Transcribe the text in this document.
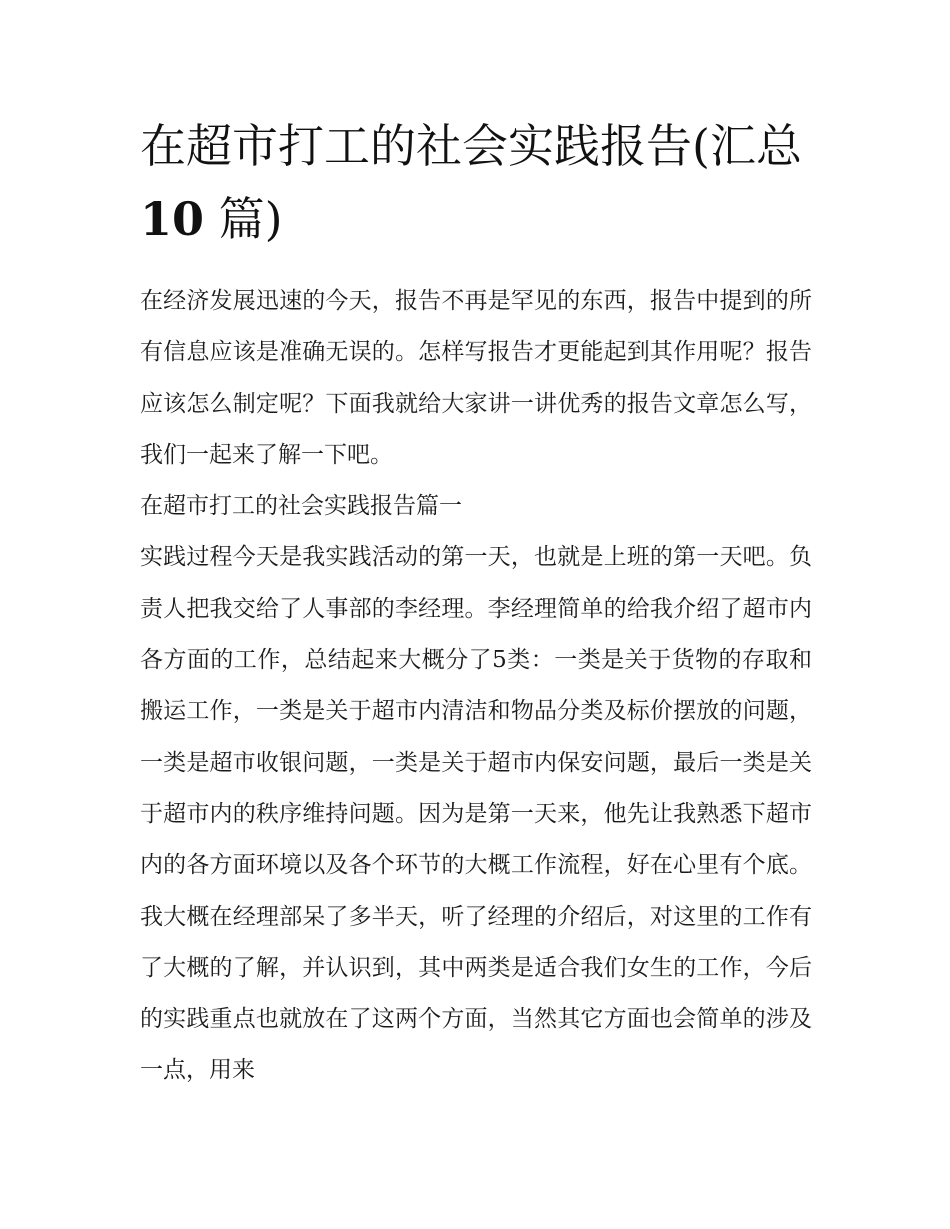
在超市打工的社会实践报告(汇总10 篇)

在经济发展迅速的今天，报告不再是罕见的东西，报告中提到的所有信息应该是准确无误的。怎样写报告才更能起到其作用呢？报告应该怎么制定呢？下面我就给大家讲一讲优秀的报告文章怎么写，我们一起来了解一下吧。

在超市打工的社会实践报告篇一

实践过程今天是我实践活动的第一天，也就是上班的第一天吧。负责人把我交给了人事部的李经理。李经理简单的给我介绍了超市内各方面的工作，总结起来大概分了5类：一类是关于货物的存取和搬运工作，一类是关于超市内清洁和物品分类及标价摆放的问题，一类是超市收银问题，一类是关于超市内保安问题，最后一类是关于超市内的秩序维持问题。因为是第一天来，他先让我熟悉下超市内的各方面环境以及各个环节的大概工作流程，好在心里有个底。我大概在经理部呆了多半天，听了经理的介绍后，对这里的工作有了大概的了解，并认识到，其中两类是适合我们女生的工作，今后的实践重点也就放在了这两个方面，当然其它方面也会简单的涉及一点，用来
